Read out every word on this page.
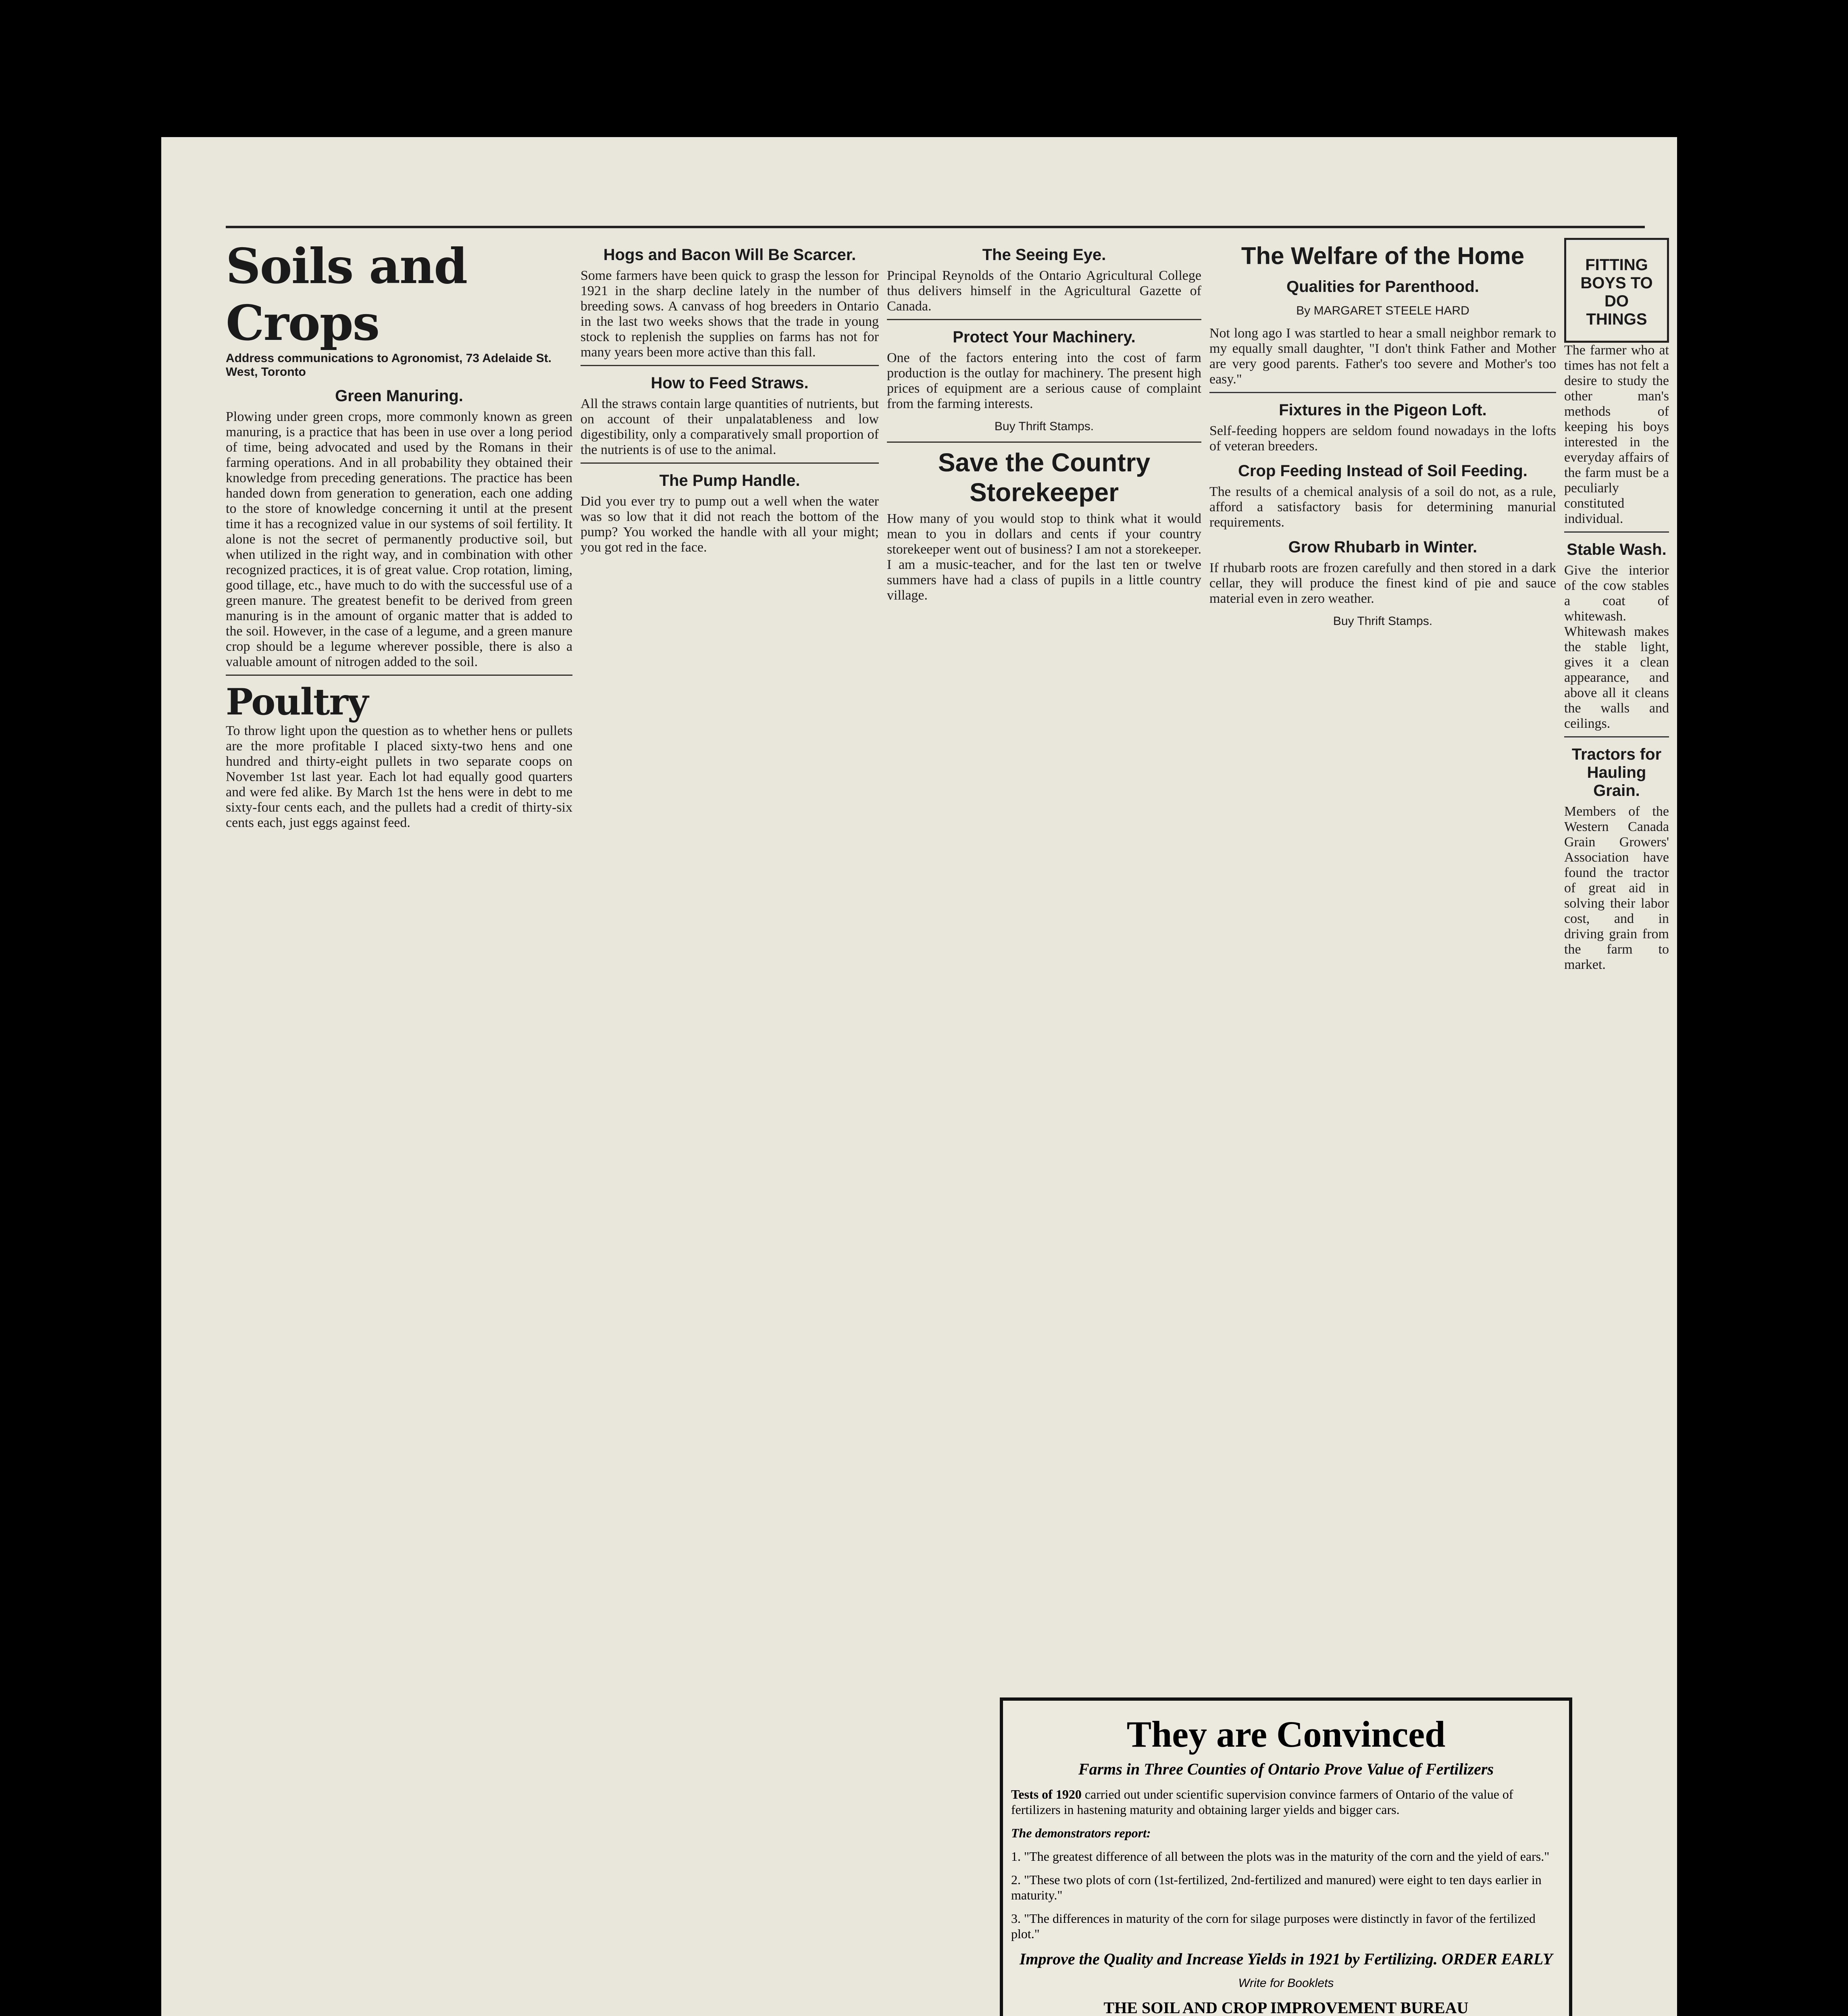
Soils and Crops
Address communications to Agronomist, 73 Adelaide St. West, Toronto
Green Manuring.

Plowing under green crops, more commonly known as green manuring, is a practice that has been in use over a long period of time, being advocated and used by the Romans in their farming operations. And in all probability they obtained their knowledge from preceding generations. The practice has been handed down from generation to generation, each one adding to the store of knowledge concerning it until at the present time it has a recognized value in our systems of soil fertility. It alone is not the secret of permanently productive soil, but when utilized in the right way, and in combination with other recognized practices, it is of great value. Crop rotation, liming, good tillage, etc., have much to do with the successful use of a green manure. The greatest benefit to be derived from green manuring is in the amount of organic matter that is added to the soil. However, in the case of a legume, and a green manure crop should be a legume wherever possible, there is also a valuable amount of nitrogen added to the soil.

Poultry

To throw light upon the question as to whether hens or pullets are the more profitable I placed sixty-two hens and one hundred and thirty-eight pullets in two separate coops on November 1st last year. Each lot had equally good quarters and were fed alike. By March 1st the hens were in debt to me sixty-four cents each, and the pullets had a credit of thirty-six cents each, just eggs against feed.

Hogs and Bacon Will Be Scarcer.

Some farmers have been quick to grasp the lesson for 1921 in the sharp decline lately in the number of breeding sows. A canvass of hog breeders in Ontario in the last two weeks shows that the trade in young stock to replenish the supplies on farms has not for many years been more active than this fall.

How to Feed Straws.

All the straws contain large quantities of nutrients, but on account of their unpalatableness and low digestibility, only a comparatively small proportion of the nutrients is of use to the animal.

The Pump Handle.

Did you ever try to pump out a well when the water was so low that it did not reach the bottom of the pump? You worked the handle with all your might; you got red in the face.

The Seeing Eye.

Principal Reynolds of the Ontario Agricultural College thus delivers himself in the Agricultural Gazette of Canada.

Protect Your Machinery.

One of the factors entering into the cost of farm production is the outlay for machinery. The present high prices of equipment are a serious cause of complaint from the farming interests.

Buy Thrift Stamps.
Save the Country Storekeeper

How many of you would stop to think what it would mean to you in dollars and cents if your country storekeeper went out of business? I am not a storekeeper. I am a music-teacher, and for the last ten or twelve summers have had a class of pupils in a little country village.

The Welfare of the Home
Qualities for Parenthood.
By MARGARET STEELE HARD

Not long ago I was startled to hear a small neighbor remark to my equally small daughter, "I don't think Father and Mother are very good parents. Father's too severe and Mother's too easy."

Fixtures in the Pigeon Loft.

Self-feeding hoppers are seldom found nowadays in the lofts of veteran breeders.

Crop Feeding Instead of Soil Feeding.

The results of a chemical analysis of a soil do not, as a rule, afford a satisfactory basis for determining manurial requirements.

Grow Rhubarb in Winter.

If rhubarb roots are frozen carefully and then stored in a dark cellar, they will produce the finest kind of pie and sauce material even in zero weather.

Buy Thrift Stamps.
FITTING BOYS TO DO THINGS

The farmer who at times has not felt a desire to study the other man's methods of keeping his boys interested in the everyday affairs of the farm must be a peculiarly constituted individual.

Stable Wash.

Give the interior of the cow stables a coat of whitewash. Whitewash makes the stable light, gives it a clean appearance, and above all it cleans the walls and ceilings.

Tractors for Hauling Grain.

Members of the Western Canada Grain Growers' Association have found the tractor of great aid in solving their labor cost, and in driving grain from the farm to market.

They are Convinced

Farms in Three Counties of Ontario Prove Value of Fertilizers

Tests of 1920 carried out under scientific supervision convince farmers of Ontario of the value of fertilizers in hastening maturity and obtaining larger yields and bigger cars.
The demonstrators report:
1. "The greatest difference of all between the plots was in the maturity of the corn and the yield of ears."
2. "These two plots of corn (1st-fertilized, 2nd-fertilized and manured) were eight to ten days earlier in maturity."
3. "The differences in maturity of the corn for silage purposes were distinctly in favor of the fertilized plot."
Improve the Quality and Increase Yields in 1921 by Fertilizing. ORDER EARLY
Write for Booklets
THE SOIL AND CROP IMPROVEMENT BUREAU
